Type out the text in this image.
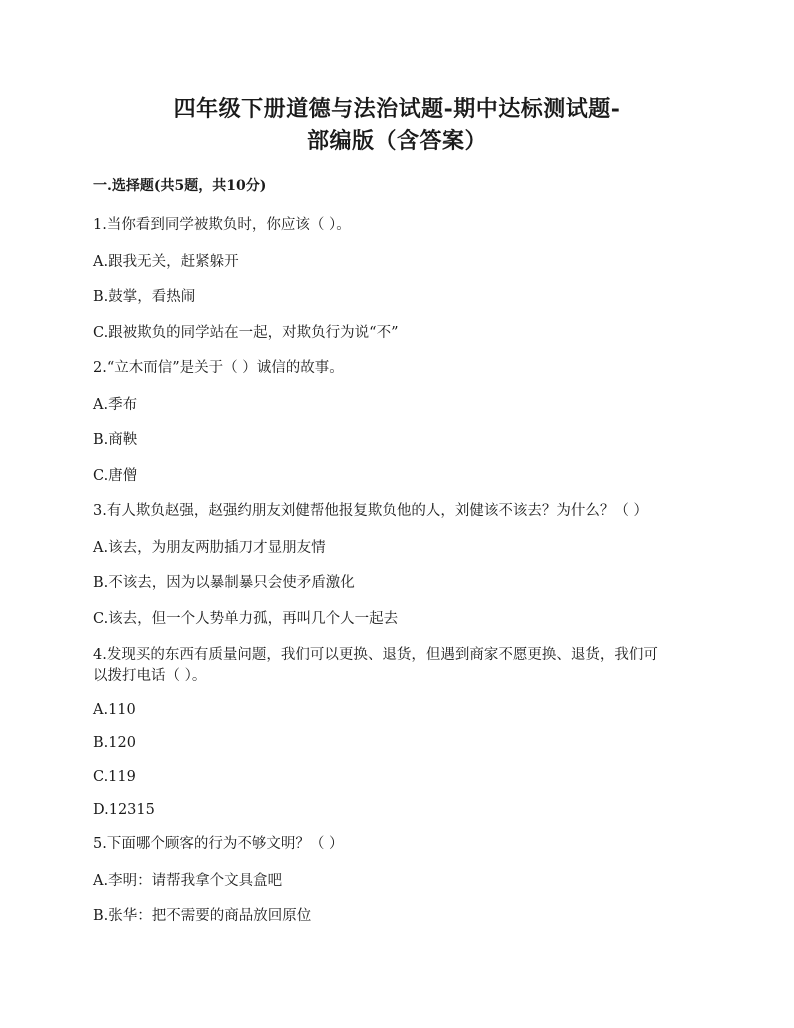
四年级下册道德与法治试题-期中达标测试题-
部编版（含答案）
一.选择题(共5题，共10分)
1.当你看到同学被欺负时，你应该（ ）。
A.跟我无关，赶紧躲开
B.鼓掌，看热闹
C.跟被欺负的同学站在一起，对欺负行为说“不”
2.“立木而信”是关于（ ）诚信的故事。
A.季布
B.商鞅
C.唐僧
3.有人欺负赵强，赵强约朋友刘健帮他报复欺负他的人，刘健该不该去？为什么？（ ）
A.该去，为朋友两肋插刀才显朋友情
B.不该去，因为以暴制暴只会使矛盾激化
C.该去，但一个人势单力孤，再叫几个人一起去
4.发现买的东西有质量问题，我们可以更换、退货，但遇到商家不愿更换、退货，我们可
以拨打电话（ ）。
A.110
B.120
C.119
D.12315
5.下面哪个顾客的行为不够文明？（ ）
A.李明：请帮我拿个文具盒吧
B.张华：把不需要的商品放回原位
